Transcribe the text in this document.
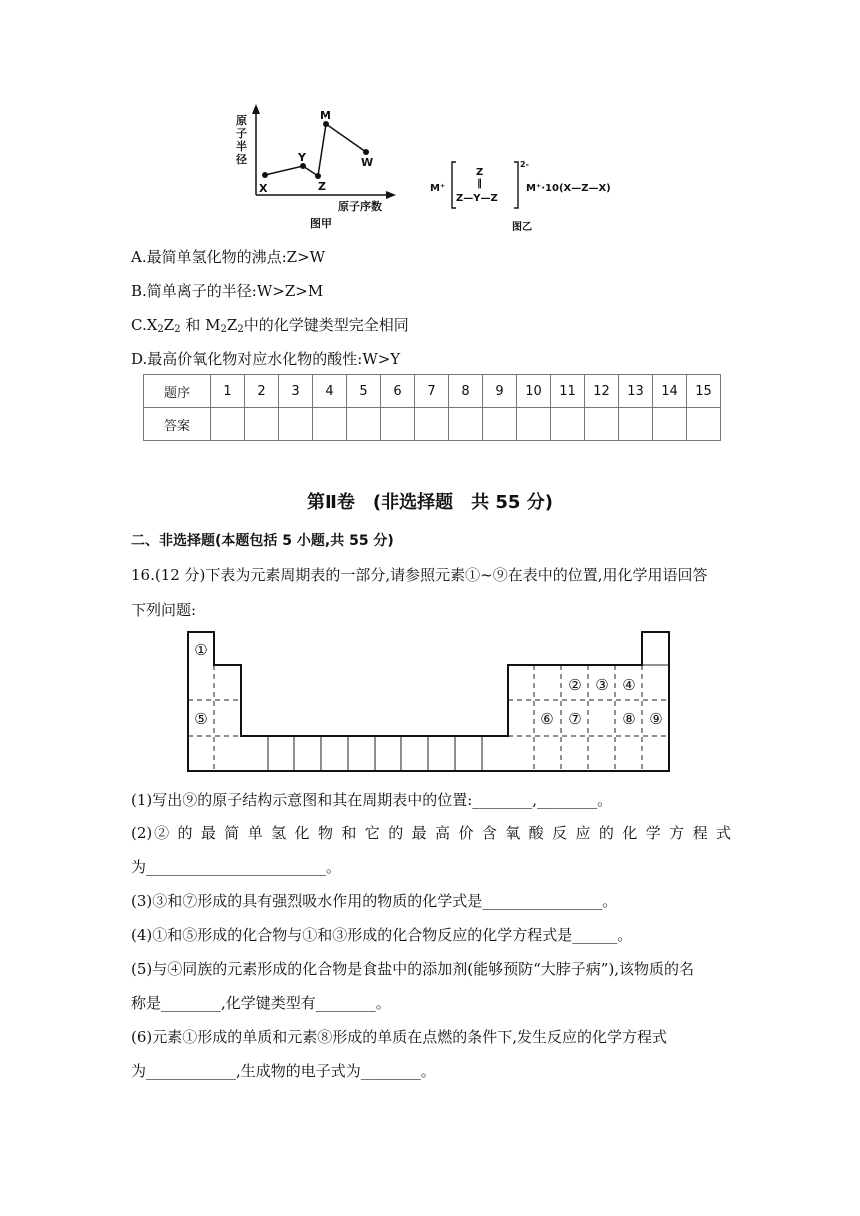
X
Y
Z
M
W
原
子
半
径
原子序数
图甲
M⁺
Z
‖
Z—Y—Z
2-
M⁺·10(X—Z—X)
图乙
A.最简单氢化物的沸点:Z>W
B.简单离子的半径:W>Z>M
$C.X_2Z_2$ 和 $M_2Z_2$中的化学键类型完全相同
D.最高价氧化物对应水化物的酸性:W>Y
题序	1	2	3	4	5	6	7	8	9	10	11	12	13	14	15
答案															
第Ⅱ卷　(非选择题　共 55 分)
二、非选择题(本题包括 5 小题,共 55 分)
16.(12 分)下表为元素周期表的一部分,请参照元素①~⑨在表中的位置,用化学用语回答
下列问题:
①
② ③ ④
⑤	⑥ ⑦	⑧ ⑨
(1)写出⑨的原子结构示意图和其在周期表中的位置:________,________。
(2)② 的 最 简 单 氢 化 物 和 它 的 最 高 价 含 氧 酸 反 应 的 化 学 方 程 式
为________________________。
(3)③和⑦形成的具有强烈吸水作用的物质的化学式是________________。
(4)①和⑤形成的化合物与①和③形成的化合物反应的化学方程式是______。
(5)与④同族的元素形成的化合物是食盐中的添加剂(能够预防“大脖子病”),该物质的名
称是________,化学键类型有________。
(6)元素①形成的单质和元素⑧形成的单质在点燃的条件下,发生反应的化学方程式
为____________,生成物的电子式为________。
